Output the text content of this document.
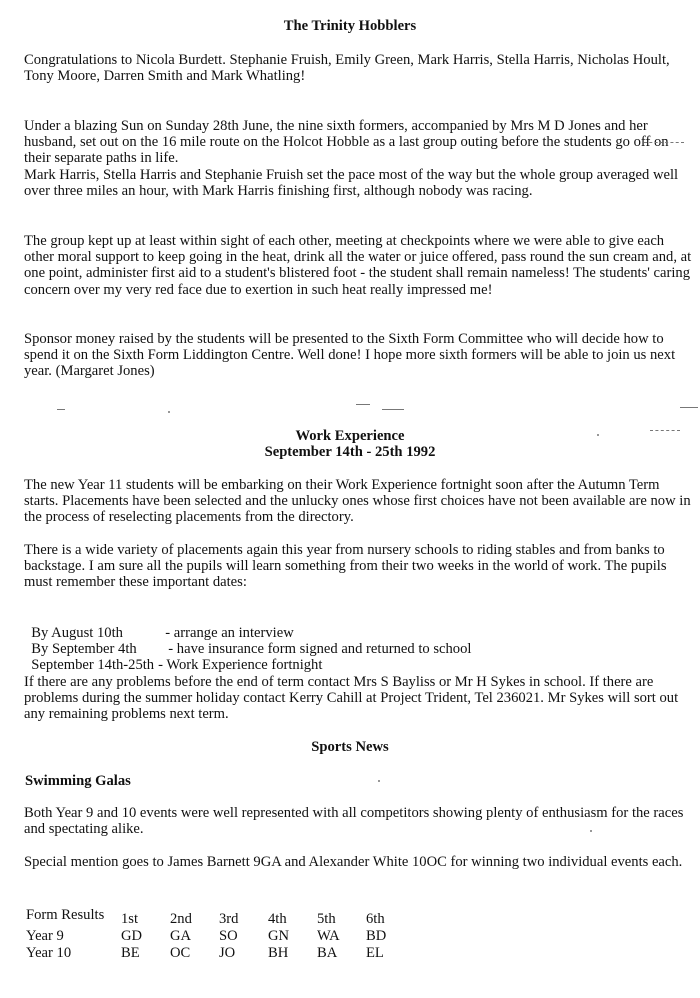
The Trinity Hobblers

Congratulations to Nicola Burdett. Stephanie Fruish, Emily Green, Mark Harris, Stella Harris, Nicholas Hoult, Tony Moore, Darren Smith and Mark Whatling!

Under a blazing Sun on Sunday 28th June, the nine sixth formers, accompanied by Mrs M D Jones and her husband, set out on the 16 mile route on the Holcot Hobble as a last group outing before the students go off on their separate paths in life.

Mark Harris, Stella Harris and Stephanie Fruish set the pace most of the way but the whole group averaged well over three miles an hour, with Mark Harris finishing first, although nobody was racing.

The group kept up at least within sight of each other, meeting at checkpoints where we were able to give each other moral support to keep going in the heat, drink all the water or juice offered, pass round the sun cream and, at one point, administer first aid to a student's blistered foot - the student shall remain nameless! The students' caring concern over my very red face due to exertion in such heat really impressed me!

Sponsor money raised by the students will be presented to the Sixth Form Committee who will decide how to spend it on the Sixth Form Liddington Centre. Well done! I hope more sixth formers will be able to join us next year. (Margaret Jones)

Work Experience
September 14th - 25th 1992

The new Year 11 students will be embarking on their Work Experience fortnight soon after the Autumn Term starts. Placements have been selected and the unlucky ones whose first choices have not been available are now in the process of reselecting placements from the directory.

There is a wide variety of placements again this year from nursery schools to riding stables and from banks to backstage. I am sure all the pupils will learn something from their two weeks in the world of work. The pupils must remember these important dates:

By August 10th	- arrange an interview

By September 4th - have insurance form signed and returned to school

September 14th-25th - Work Experience fortnight

If there are any problems before the end of term contact Mrs S Bayliss or Mr H Sykes in school. If there are problems during the summer holiday contact Kerry Cahill at Project Trident, Tel 236021. Mr Sykes will sort out any remaining problems next term.

Sports News
Swimming Galas

Both Year 9 and 10 events were well represented with all competitors showing plenty of enthusiasm for the races and spectating alike.

Special mention goes to James Barnett 9GA and Alexander White 10OC for winning two individual events each.

Form Results	1st	2nd	3rd	4th	5th	6th
Year 9	GD	GA	SO	GN	WA	BD
Year 10	BE	OC	JO	BH	BA	EL
